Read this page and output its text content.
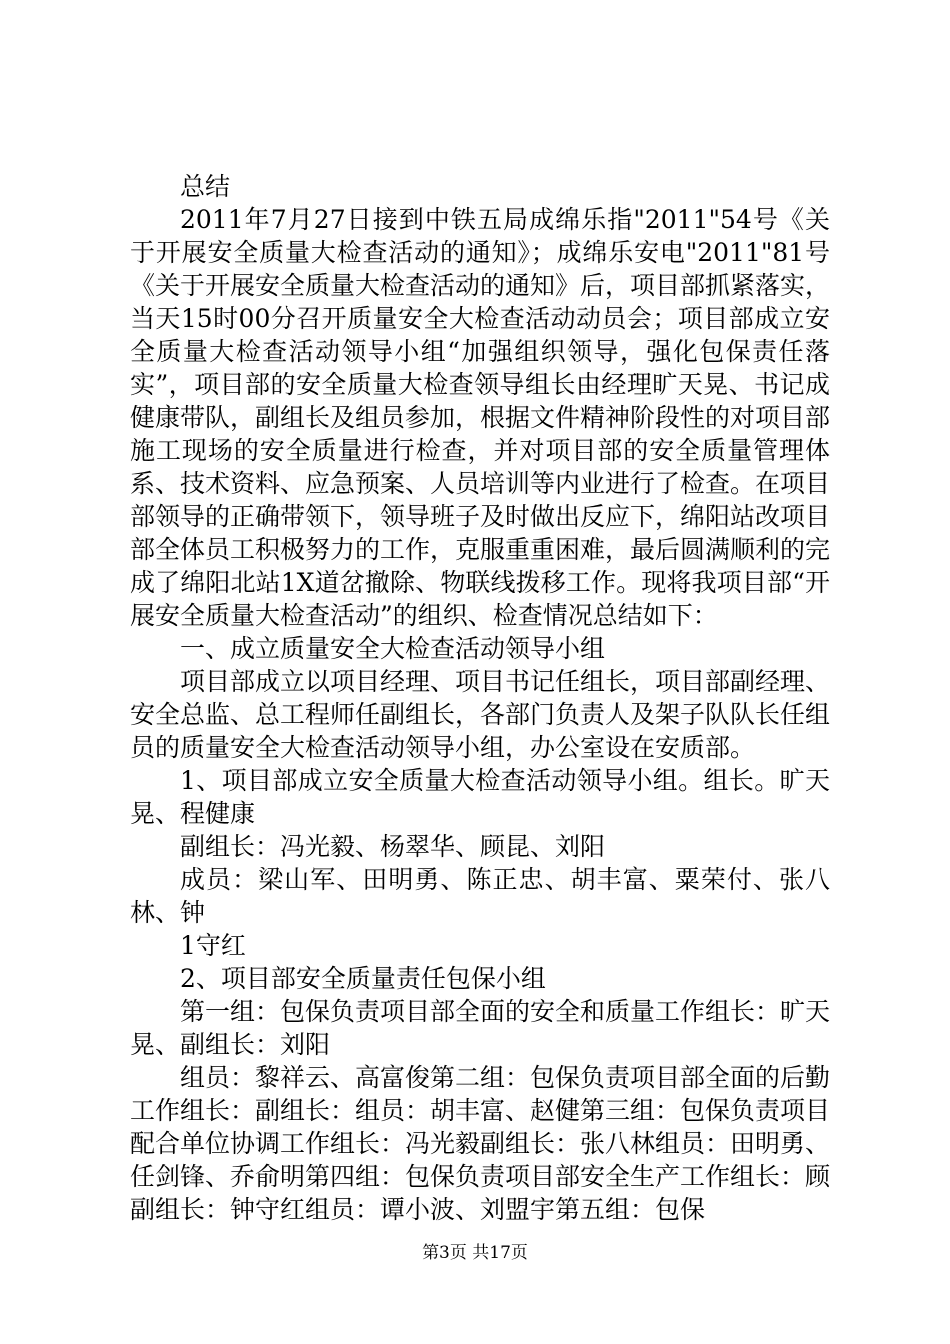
总结

2011年7月27日接到中铁五局成绵乐指"2011"54号《关于开展安全质量大检查活动的通知》；成绵乐安电"2011"81号《关于开展安全质量大检查活动的通知》后，项目部抓紧落实，当天15时00分召开质量安全大检查活动动员会；项目部成立安全质量大检查活动领导小组“加强组织领导，强化包保责任落实”，项目部的安全质量大检查领导组长由经理旷天晃、书记成健康带队，副组长及组员参加，根据文件精神阶段性的对项目部施工现场的安全质量进行检查，并对项目部的安全质量管理体系、技术资料、应急预案、人员培训等内业进行了检查。在项目部领导的正确带领下，领导班子及时做出反应下，绵阳站改项目部全体员工积极努力的工作，克服重重困难，最后圆满顺利的完成了绵阳北站1X道岔撤除、物联线拨移工作。现将我项目部“开展安全质量大检查活动”的组织、检查情况总结如下：

一、成立质量安全大检查活动领导小组

项目部成立以项目经理、项目书记任组长，项目部副经理、安全总监、总工程师任副组长，各部门负责人及架子队队长任组员的质量安全大检查活动领导小组，办公室设在安质部。

1、项目部成立安全质量大检查活动领导小组。组长。旷天晃、程健康

副组长：冯光毅、杨翠华、顾昆、刘阳

成员：梁山军、田明勇、陈正忠、胡丰富、粟荣付、张八林、钟

1守红

2、项目部安全质量责任包保小组

第一组：包保负责项目部全面的安全和质量工作组长：旷天晃、副组长：刘阳

组员：黎祥云、高富俊第二组：包保负责项目部全面的后勤工作组长：副组长：组员：胡丰富、赵健第三组：包保负责项目配合单位协调工作组长：冯光毅副组长：张八林组员：田明勇、任剑锋、乔俞明第四组：包保负责项目部安全生产工作组长：顾副组长：钟守红组员：谭小波、刘盟宇第五组：包保

第3页 共17页
